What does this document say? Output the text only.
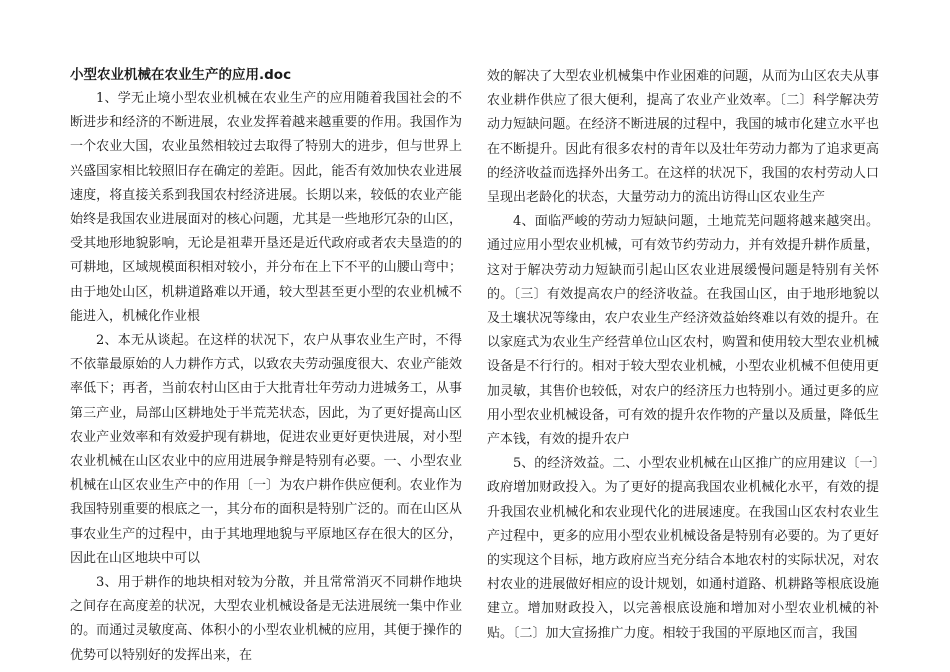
小型农业机械在农业生产的应用.doc

1、学无止境小型农业机械在农业生产的应用随着我国社会的不断进步和经济的不断进展，农业发挥着越来越重要的作用。我国作为一个农业大国，农业虽然相较过去取得了特别大的进步，但与世界上兴盛国家相比较照旧存在确定的差距。因此，能否有效加快农业进展速度，将直接关系到我国农村经济进展。长期以来，较低的农业产能始终是我国农业进展面对的核心问题，尤其是一些地形冗杂的山区，受其地形地貌影响，无论是祖辈开垦还是近代政府或者农夫垦造的的可耕地，区域规模面积相对较小，并分布在上下不平的山腰山弯中；由于地处山区，机耕道路难以开通，较大型甚至更小型的农业机械不能进入，机械化作业根

2、本无从谈起。在这样的状况下，农户从事农业生产时，不得不依靠最原始的人力耕作方式，以致农夫劳动强度很大、农业产能效率低下；再者，当前农村山区由于大批青壮年劳动力进城务工，从事第三产业，局部山区耕地处于半荒芜状态，因此，为了更好提高山区农业产业效率和有效爱护现有耕地，促进农业更好更快进展，对小型农业机械在山区农业中的应用进展争辩是特别有必要。一、小型农业机械在山区农业生产中的作用〔一〕为农户耕作供应便利。农业作为我国特别重要的根底之一，其分布的面积是特别广泛的。而在山区从事农业生产的过程中，由于其地理地貌与平原地区存在很大的区分，因此在山区地块中可以

3、用于耕作的地块相对较为分散，并且常常消灭不同耕作地块之间存在高度差的状况，大型农业机械设备是无法进展统一集中作业的。而通过灵敏度高、体积小的小型农业机械的应用，其便于操作的优势可以特别好的发挥出来，在

效的解决了大型农业机械集中作业困难的问题，从而为山区农夫从事农业耕作供应了很大便利，提高了农业产业效率。〔二〕科学解决劳动力短缺问题。在经济不断进展的过程中，我国的城市化建立水平也在不断提升。因此有很多农村的青年以及壮年劳动力都为了追求更高的经济收益而选择外出务工。在这样的状况下，我国的农村劳动人口呈现出老龄化的状态，大量劳动力的流出访得山区农业生产

4、面临严峻的劳动力短缺问题，土地荒芜问题将越来越突出。通过应用小型农业机械，可有效节约劳动力，并有效提升耕作质量，这对于解决劳动力短缺而引起山区农业进展缓慢问题是特别有关怀的。〔三〕有效提高农户的经济收益。在我国山区，由于地形地貌以及土壤状况等缘由，农户农业生产经济效益始终难以有效的提升。在以家庭式为农业生产经营单位山区农村，购置和使用较大型农业机械设备是不行行的。相对于较大型农业机械，小型农业机械不但使用更加灵敏，其售价也较低，对农户的经济压力也特别小。通过更多的应用小型农业机械设备，可有效的提升农作物的产量以及质量，降低生产本钱，有效的提升农户

5、的经济效益。二、小型农业机械在山区推广的应用建议〔一〕政府增加财政投入。为了更好的提高我国农业机械化水平，有效的提升我国农业机械化和农业现代化的进展速度。在我国山区农村农业生产过程中，更多的应用小型农业机械设备是特别有必要的。为了更好的实现这个目标，地方政府应当充分结合本地农村的实际状况，对农村农业的进展做好相应的设计规划，如通村道路、机耕路等根底设施建立。增加财政投入，以完善根底设施和增加对小型农业机械的补贴。〔二〕加大宣扬推广力度。相较于我国的平原地区而言，我国
